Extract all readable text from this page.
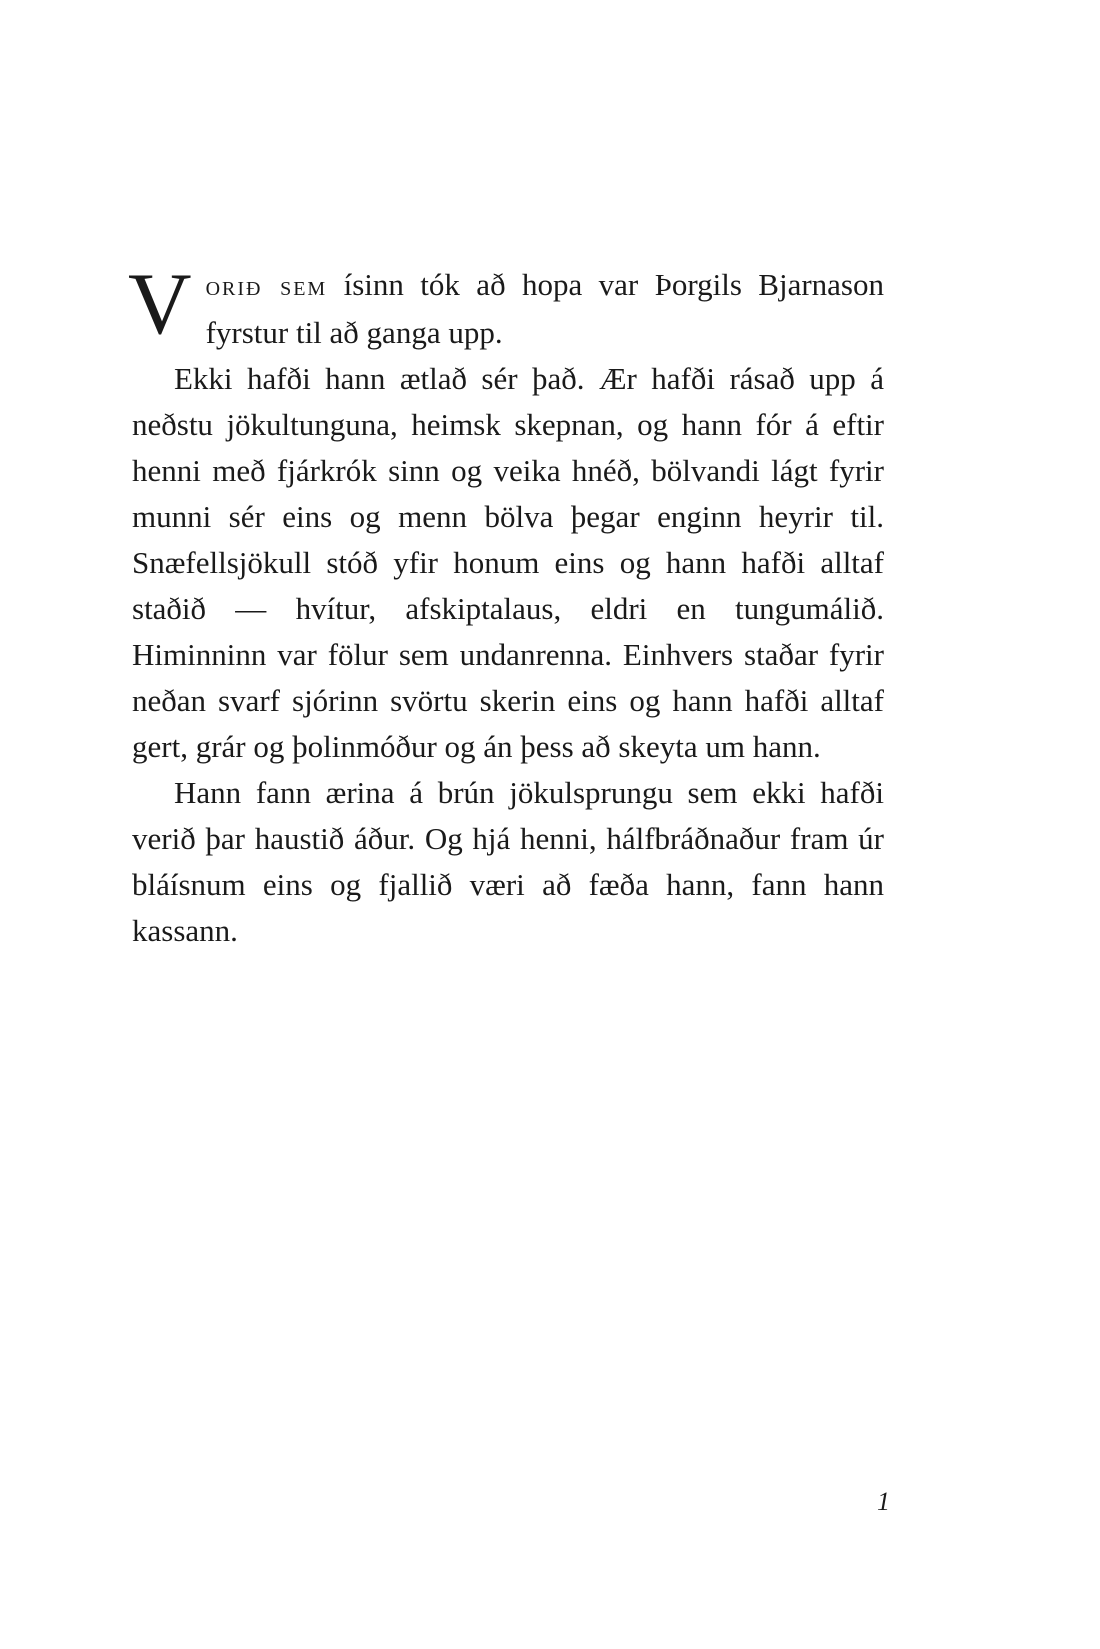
Vorið sem ísinn tók að hopa var Þorgils Bjarnason fyrstur til að ganga upp.

Ekki hafði hann ætlað sér það. Ær hafði rásað upp á neðstu jökultunguna, heimsk skepnan, og hann fór á eftir henni með fjárkrók sinn og veika hnéð, bölvandi lágt fyrir munni sér eins og menn bölva þegar enginn heyrir til. Snæfellsjökull stóð yfir honum eins og hann hafði alltaf staðið — hvítur, afskiptalaus, eldri en tungumálið. Himinninn var fölur sem undanrenna. Einhvers staðar fyrir neðan svarf sjórinn svörtu skerin eins og hann hafði alltaf gert, grár og þolinmóður og án þess að skeyta um hann.

Hann fann ærina á brún jökulsprungu sem ekki hafði verið þar haustið áður. Og hjá henni, hálfbráðnaður fram úr bláísnum eins og fjallið væri að fæða hann, fann hann kassann.

1
